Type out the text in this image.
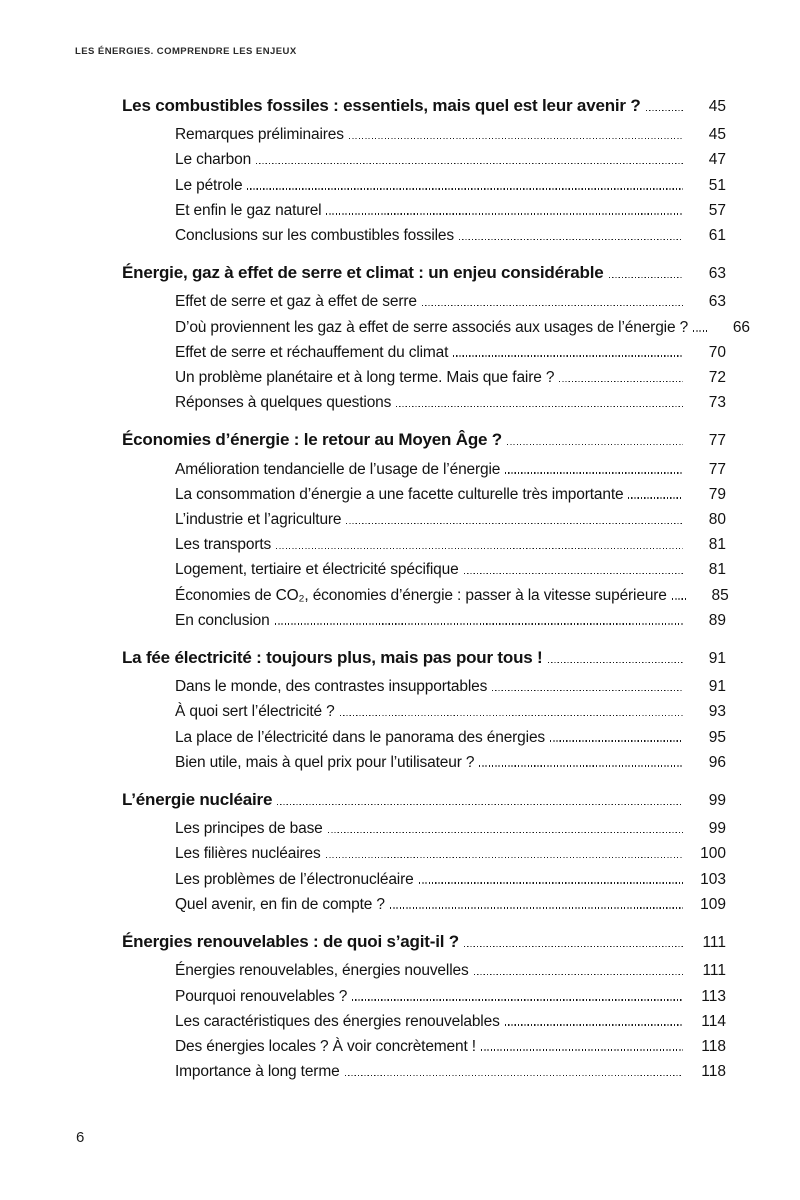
LES ÉNERGIES. COMPRENDRE LES ENJEUX
Les combustibles fossiles : essentiels, mais quel est leur avenir ?	45
Remarques préliminaires	45
Le charbon	47
Le pétrole	51
Et enfin le gaz naturel	57
Conclusions sur les combustibles fossiles	61
Énergie, gaz à effet de serre et climat : un enjeu considérable	63
Effet de serre et gaz à effet de serre	63
D’où proviennent les gaz à effet de serre associés aux usages de l’énergie ?	66
Effet de serre et réchauffement du climat	70
Un problème planétaire et à long terme. Mais que faire ?	72
Réponses à quelques questions	73
Économies d’énergie : le retour au Moyen Âge ?	77
Amélioration tendancielle de l’usage de l’énergie	77
La consommation d’énergie a une facette culturelle très importante	79
L’industrie et l’agriculture	80
Les transports	81
Logement, tertiaire et électricité spécifique	81
Économies de CO₂, économies d’énergie : passer à la vitesse supérieure	85
En conclusion	89
La fée électricité : toujours plus, mais pas pour tous !	91
Dans le monde, des contrastes insupportables	91
À quoi sert l’électricité ?	93
La place de l’électricité dans le panorama des énergies	95
Bien utile, mais à quel prix pour l’utilisateur ?	96
L’énergie nucléaire	99
Les principes de base	99
Les filières nucléaires	100
Les problèmes de l’électronucléaire	103
Quel avenir, en fin de compte ?	109
Énergies renouvelables : de quoi s’agit-il ?	111
Énergies renouvelables, énergies nouvelles	111
Pourquoi renouvelables ?	113
Les caractéristiques des énergies renouvelables	114
Des énergies locales ? À voir concrètement !	118
Importance à long terme	118
6
